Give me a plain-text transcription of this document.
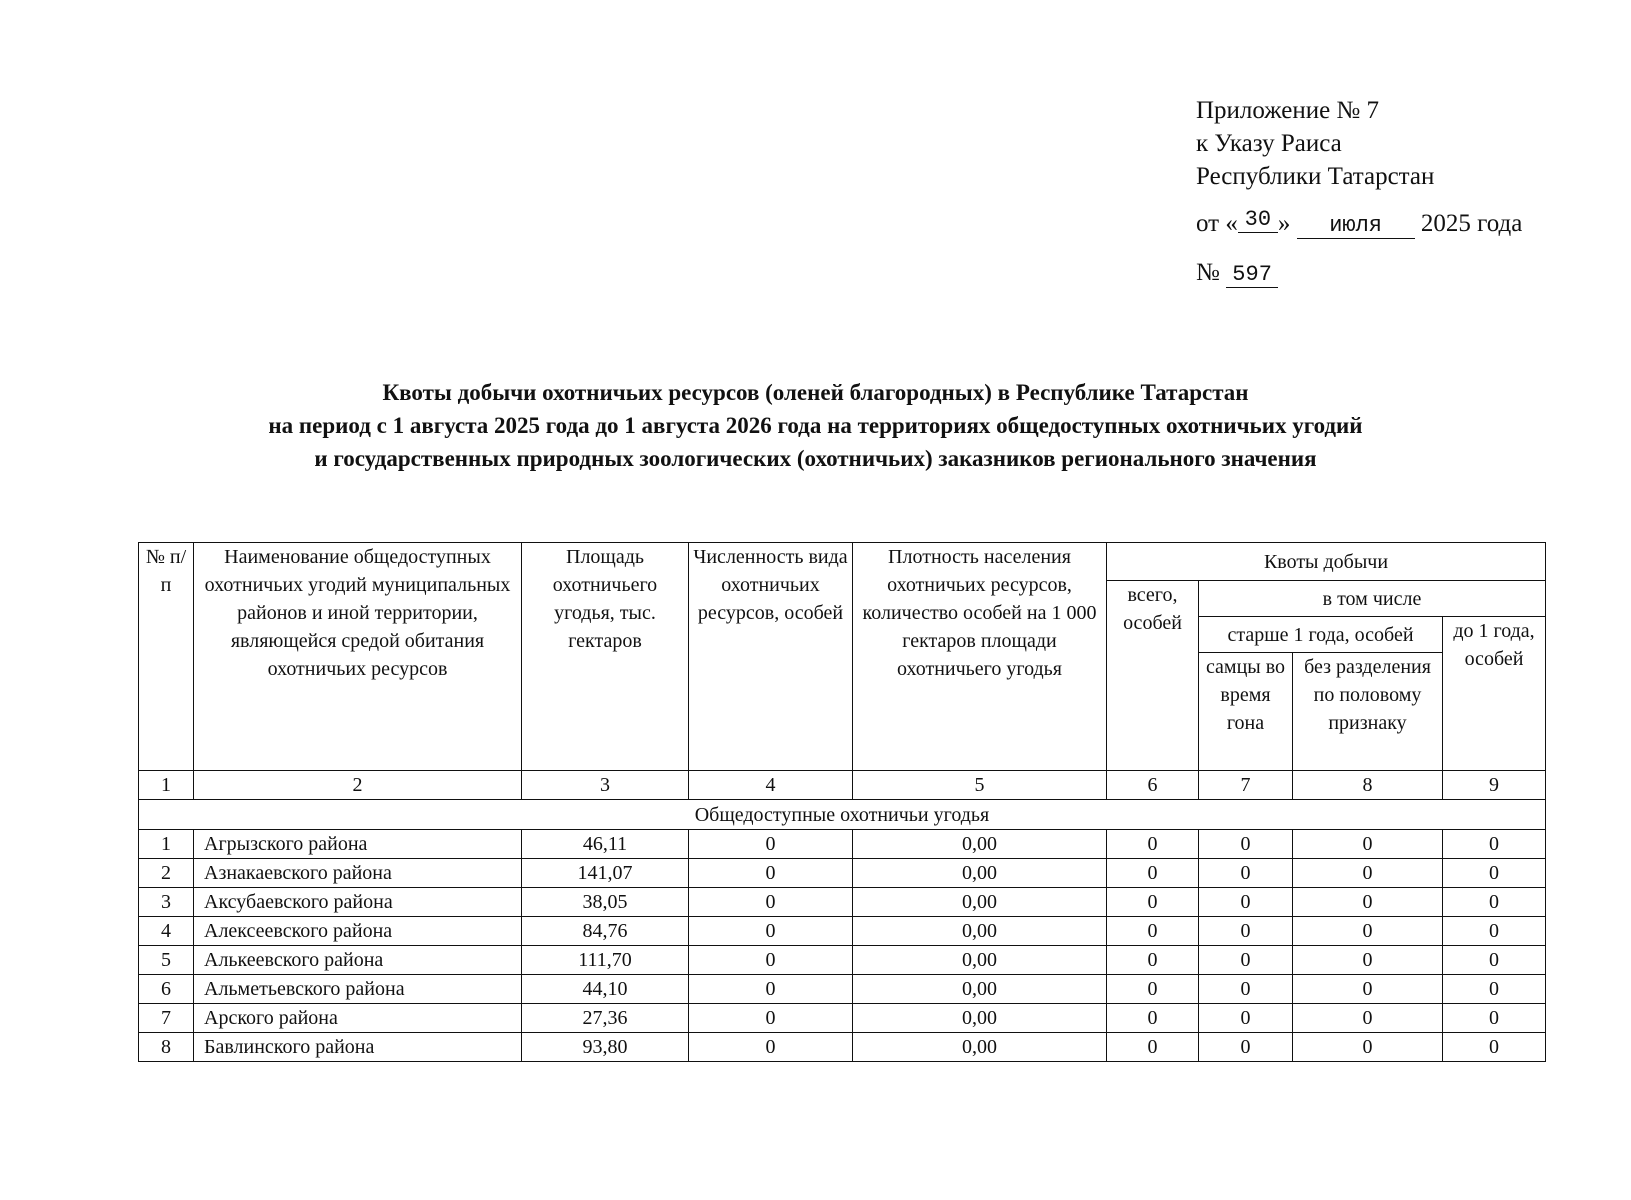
Приложение № 7
к Указу Раиса
Республики Татарстан
от « 30 » июля 2025 года
№ 597
Квоты добычи охотничьих ресурсов (оленей благородных) в Республике Татарстан
на период с 1 августа 2025 года до 1 августа 2026 года на территориях общедоступных охотничьих угодий
и государственных природных зоологических (охотничьих) заказников регионального значения
№ п/п	Наименование общедоступных охотничьих угодий муниципальных районов и иной территории, являющейся средой обитания охотничьих ресурсов	Площадь охотничьего угодья, тыс. гектаров	Численность вида охотничьих ресурсов, особей	Плотность населения охотничьих ресурсов, количество особей на 1 000 гектаров площади охотничьего угодья	Квоты добычи			
					всего, особей	в том числе		
						старше 1 года, особей		до 1 года, особей
						самцы во время гона	без разделения по половому признаку	
1	2	3	4	5	6	7	8	9
Общедоступные охотничьи угодья								
1	Агрызского района	46,11	0	0,00	0	0	0	0
2	Азнакаевского района	141,07	0	0,00	0	0	0	0
3	Аксубаевского района	38,05	0	0,00	0	0	0	0
4	Алексеевского района	84,76	0	0,00	0	0	0	0
5	Алькеевского района	111,70	0	0,00	0	0	0	0
6	Альметьевского района	44,10	0	0,00	0	0	0	0
7	Арского района	27,36	0	0,00	0	0	0	0
8	Бавлинского района	93,80	0	0,00	0	0	0	0
